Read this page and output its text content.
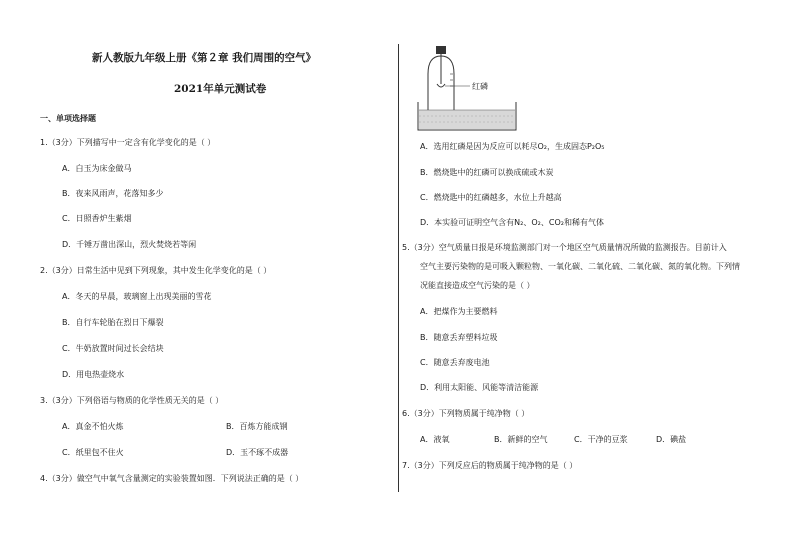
新人教版九年级上册《第２章 我们周围的空气》
2021年单元测试卷
一、单项选择题
1.（3分）下列描写中一定含有化学变化的是（ ）
A．白玉为床金做马
B．夜来风雨声，花落知多少
C．日照香炉生紫烟
D．千锤万凿出深山，烈火焚烧若等闲
2.（3分）日常生活中见到下列现象，其中发生化学变化的是（ ）
A．冬天的早晨，玻璃窗上出现美丽的雪花
B．自行车轮胎在烈日下爆裂
C．牛奶放置时间过长会结块
D．用电热壶烧水
3.（3分）下列俗语与物质的化学性质无关的是（ ）
A．真金不怕火炼	B．百炼方能成钢
C．纸里包不住火	D．玉不琢不成器
4.（3分）做空气中氧气含量测定的实验装置如图．下列说法正确的是（ ）
红磷
A．选用红磷是因为反应可以耗尽O₂，生成固态P₂O₅
B．燃烧匙中的红磷可以换成硫或木炭
C．燃烧匙中的红磷越多，水位上升越高
D．本实验可证明空气含有N₂、O₂、CO₂和稀有气体
5.（3分）空气质量日报是环境监测部门对一个地区空气质量情况所做的监测报告。目前计入
空气主要污染物的是可吸入颗粒物、一氧化碳、二氧化硫、二氧化碳、氮的氧化物。下列情
况能直接造成空气污染的是（ ）
A．把煤作为主要燃料
B．随意丢弃塑料垃圾
C．随意丢弃废电池
D．利用太阳能、风能等清洁能源
6.（3分）下列物质属于纯净物（ ）
A．液氧	B．新鲜的空气	C．干净的豆浆	D．碘盐
7.（3分）下列反应后的物质属于纯净物的是（ ）
